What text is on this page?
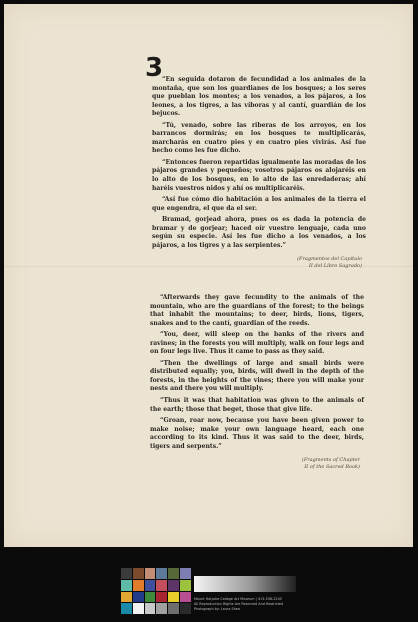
3

“En seguida dotaron de fecundidad a los animales de la montaña, que son los guardianes de los bosques; a los seres que pueblan los montes; a los venados, a los pájaros, a los leones, a los tigres, a las víboras y al cantí, guardián de los bejucos.

“Tú, venado, sobre las riberas de los arroyos, en los barrancos dormirás; en los bosques te multiplicarás, marcharás en cuatro pies y en cuatro pies vivirás. Así fue hecho como les fue dicho.

“Entonces fueron repartidas igualmente las moradas de los pájaros grandes y pequeños; vosotros pájaros os alojaréis en lo alto de los bosques, en lo alto de las enredaderas; ahí haréis vuestros nidos y ahí os multiplicaréis.

“Así fue cómo dio habitación a los animales de la tierra el que engendra, el que da el ser.

Bramad, gorjead ahora, pues os es dada la potencia de bramar y de gorjear; haced oír vuestro lenguaje, cada uno según su especie. Así les fue dicho a los venados, a los pájaros, a los tigres y a las serpientes.”

(Fragmentos del Capítulo
II del Libro Sagrado)

“Afterwards they gave fecundity to the animals of the mountain, who are the guardians of the forest; to the beings that inhabit the mountains; to deer, birds, lions, tigers, snakes and to the cantí, guardian of the reeds.

“You, deer, will sleep on the banks of the rivers and ravines; in the forests you will multiply, walk on four legs and on four legs live. Thus it came to pass as they said.

“Then the dwellings of large and small birds were distributed equally; you, birds, will dwell in the depth of the forests, in the heights of the vines; there you will make your nests and there you will multiply.

“Thus it was that habitation was given to the animals of the earth; those that beget, those that give life.

“Groan, roar now, because you have been given power to make noise; make your own language heard, each one according to its kind. Thus it was said to the deer, birds, tigers and serpents.”

(Fragments of Chapter
II of the Sacred Book)
Mount Holyoke College Art Museum | 413-538-2245
All Reproduction Rights Are Reserved And Restricted
Photograph by: Laura Shea
